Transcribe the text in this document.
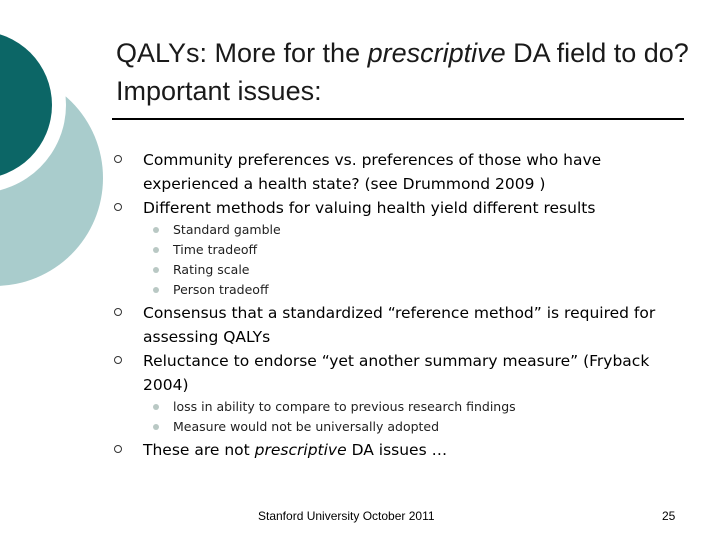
QALYs: More for the prescriptive DA field to do? Important issues:
Community preferences vs. preferences of those who have experienced a health state? (see Drummond 2009 )
Different methods for valuing health yield different results
Standard gamble
Time tradeoff
Rating scale
Person tradeoff
Consensus that a standardized “reference method” is required for assessing QALYs
Reluctance to endorse “yet another summary measure” (Fryback 2004)
loss in ability to compare to previous research findings
Measure would not be universally adopted
These are not prescriptive DA issues …
Stanford University October 2011	25
